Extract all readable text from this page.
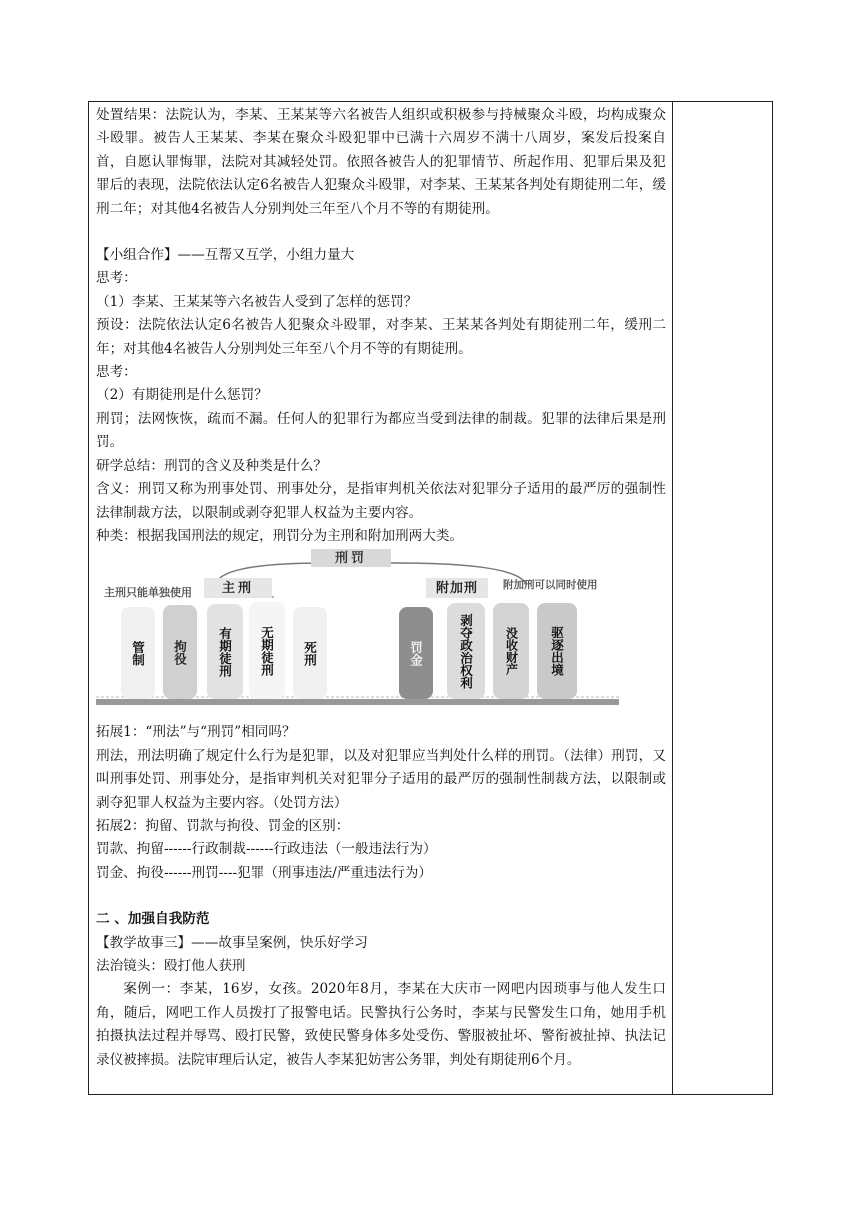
处置结果：法院认为，李某、王某某等六名被告人组织或积极参与持械聚众斗殴，均构成聚众斗殴罪。被告人王某某、李某在聚众斗殴犯罪中已满十六周岁不满十八周岁，案发后投案自首，自愿认罪悔罪，法院对其减轻处罚。依照各被告人的犯罪情节、所起作用、犯罪后果及犯罪后的表现，法院依法认定6名被告人犯聚众斗殴罪，对李某、王某某各判处有期徒刑二年，缓刑二年；对其他4名被告人分别判处三年至八个月不等的有期徒刑。

【小组合作】——互帮又互学，小组力量大

思考：

（1）李某、王某某等六名被告人受到了怎样的惩罚？

预设：法院依法认定6名被告人犯聚众斗殴罪，对李某、王某某各判处有期徒刑二年，缓刑二年；对其他4名被告人分别判处三年至八个月不等的有期徒刑。

思考：

（2）有期徒刑是什么惩罚？

刑罚；法网恢恢，疏而不漏。任何人的犯罪行为都应当受到法律的制裁。犯罪的法律后果是刑罚。

研学总结：刑罚的含义及种类是什么？

含义：刑罚又称为刑事处罚、刑事处分，是指审判机关依法对犯罪分子适用的最严厉的强制性法律制裁方法，以限制或剥夺犯罪人权益为主要内容。

种类：根据我国刑法的规定，刑罚分为主刑和附加刑两大类。

刑罚
主刑
主刑只能单独使用	附加刑	附加刑可以同时使用
管制	拘役	有期徒刑	无期徒刑	死刑	罚金	剥夺政治权利	没收财产	驱逐出境

拓展1：“刑法”与“刑罚”相同吗？

刑法，刑法明确了规定什么行为是犯罪，以及对犯罪应当判处什么样的刑罚。（法律）刑罚，又叫刑事处罚、刑事处分，是指审判机关对犯罪分子适用的最严厉的强制性制裁方法，以限制或剥夺犯罪人权益为主要内容。（处罚方法）

拓展2：拘留、罚款与拘役、罚金的区别：

罚款、拘留------行政制裁------行政违法（一般违法行为）

罚金、拘役------刑罚----犯罪（刑事违法/严重违法行为）

二 、加强自我防范

【教学故事三】——故事呈案例，快乐好学习

法治镜头：殴打他人获刑

案例一：李某，16岁，女孩。2020年8月，李某在大庆市一网吧内因琐事与他人发生口角，随后，网吧工作人员拨打了报警电话。民警执行公务时，李某与民警发生口角，她用手机拍摄执法过程并辱骂、殴打民警，致使民警身体多处受伤、警服被扯坏、警衔被扯掉、执法记录仪被摔损。法院审理后认定，被告人李某犯妨害公务罪，判处有期徒刑6个月。
